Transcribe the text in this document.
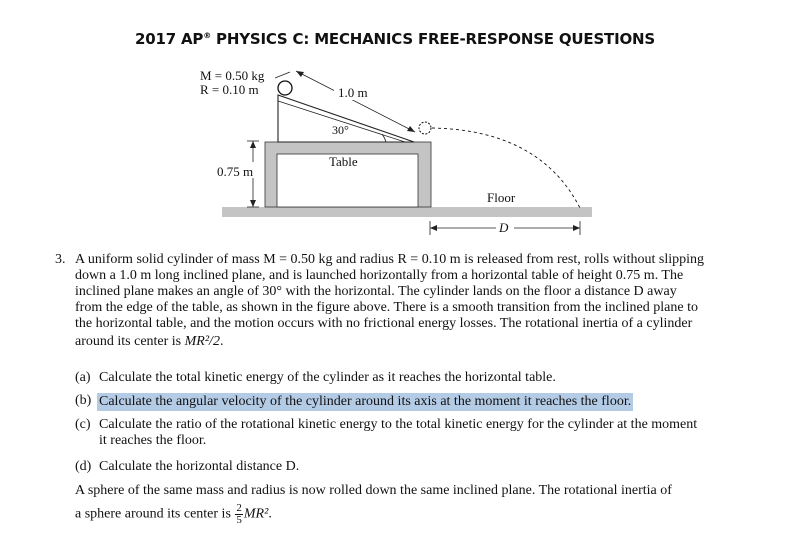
2017 AP® PHYSICS C: MECHANICS FREE-RESPONSE QUESTIONS
1.0 m
M = 0.50 kg
R = 0.10 m
30°
Table
0.75 m
Floor
D
3. A uniform solid cylinder of mass M = 0.50 kg and radius R = 0.10 m is released from rest, rolls without slipping
down a 1.0 m long inclined plane, and is launched horizontally from a horizontal table of height 0.75 m. The
inclined plane makes an angle of 30° with the horizontal. The cylinder lands on the floor a distance D away
from the edge of the table, as shown in the figure above. There is a smooth transition from the inclined plane to
the horizontal table, and the motion occurs with no frictional energy losses. The rotational inertia of a cylinder
around its center is MR²/2.
(a) Calculate the total kinetic energy of the cylinder as it reaches the horizontal table.
(b) Calculate the angular velocity of the cylinder around its axis at the moment it reaches the floor.
(c) Calculate the ratio of the rotational kinetic energy to the total kinetic energy for the cylinder at the moment
it reaches the floor.
(d) Calculate the horizontal distance D.
A sphere of the same mass and radius is now rolled down the same inclined plane. The rotational inertia of
a sphere around its center is $\frac{2}{5} MR^2$.
